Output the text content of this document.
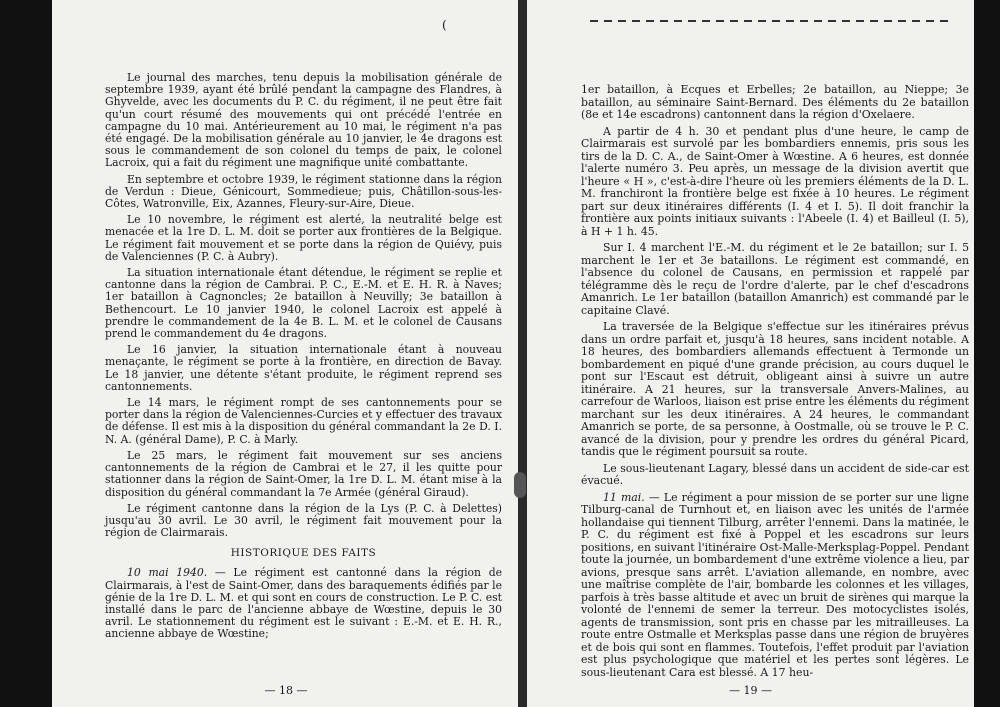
(

Le journal des marches, tenu depuis la mobilisation générale de septembre 1939, ayant été brûlé pendant la campagne des Flandres, à Ghyvelde, avec les documents du P. C. du régiment, il ne peut être fait qu'un court résumé des mouvements qui ont précédé l'entrée en campagne du 10 mai. Antérieurement au 10 mai, le régiment n'a pas été engagé. De la mobilisation générale au 10 janvier, le 4e dragons est sous le commandement de son colonel du temps de paix, le colonel Lacroix, qui a fait du régiment une magnifique unité combattante.

En septembre et octobre 1939, le régiment stationne dans la région de Verdun : Dieue, Génicourt, Sommedieue; puis, Châtillon-sous-les-Côtes, Watronville, Eix, Azannes, Fleury-sur-Aire, Dieue.

Le 10 novembre, le régiment est alerté, la neutralité belge est menacée et la 1re D. L. M. doit se porter aux frontières de la Belgique. Le régiment fait mouvement et se porte dans la région de Quiévy, puis de Valenciennes (P. C. à Aubry).

La situation internationale étant détendue, le régiment se replie et cantonne dans la région de Cambrai. P. C., E.-M. et E. H. R. à Naves; 1er bataillon à Cagnoncles; 2e bataillon à Neuvilly; 3e bataillon à Bethencourt. Le 10 janvier 1940, le colonel Lacroix est appelé à prendre le commandement de la 4e B. L. M. et le colonel de Causans prend le commandement du 4e dragons.

Le 16 janvier, la situation internationale étant à nouveau menaçante, le régiment se porte à la frontière, en direction de Bavay. Le 18 janvier, une détente s'étant produite, le régiment reprend ses cantonnements.

Le 14 mars, le régiment rompt de ses cantonnements pour se porter dans la région de Valenciennes-Curcies et y effectuer des travaux de défense. Il est mis à la disposition du général commandant la 2e D. I. N. A. (général Dame), P. C. à Marly.

Le 25 mars, le régiment fait mouvement sur ses anciens cantonnements de la région de Cambrai et le 27, il les quitte pour stationner dans la région de Saint-Omer, la 1re D. L. M. étant mise à la disposition du général commandant la 7e Armée (général Giraud).

Le régiment cantonne dans la région de la Lys (P. C. à Delettes) jusqu'au 30 avril. Le 30 avril, le régiment fait mouvement pour la région de Clairmarais.

HISTORIQUE DES FAITS

10 mai 1940. — Le régiment est cantonné dans la région de Clairmarais, à l'est de Saint-Omer, dans des baraquements édifiés par le génie de la 1re D. L. M. et qui sont en cours de construction. Le P. C. est installé dans le parc de l'ancienne abbaye de Wœstine, depuis le 30 avril. Le stationnement du régiment est le suivant : E.-M. et E. H. R., ancienne abbaye de Wœstine;

— 18 —

1er bataillon, à Ecques et Erbelles; 2e bataillon, au Nieppe; 3e bataillon, au séminaire Saint-Bernard. Des éléments du 2e bataillon (8e et 14e escadrons) cantonnent dans la région d'Oxelaere.

A partir de 4 h. 30 et pendant plus d'une heure, le camp de Clairmarais est survolé par les bombardiers ennemis, pris sous les tirs de la D. C. A., de Saint-Omer à Wœstine. A 6 heures, est donnée l'alerte numéro 3. Peu après, un message de la division avertit que l'heure « H », c'est-à-dire l'heure où les premiers éléments de la D. L. M. franchiront la frontière belge est fixée à 10 heures. Le régiment part sur deux itinéraires différents (I. 4 et I. 5). Il doit franchir la frontière aux points initiaux suivants : l'Abeele (I. 4) et Bailleul (I. 5), à H + 1 h. 45.

Sur I. 4 marchent l'E.-M. du régiment et le 2e bataillon; sur I. 5 marchent le 1er et 3e bataillons. Le régiment est commandé, en l'absence du colonel de Causans, en permission et rappelé par télégramme dès le reçu de l'ordre d'alerte, par le chef d'escadrons Amanrich. Le 1er bataillon (bataillon Amanrich) est commandé par le capitaine Clavé.

La traversée de la Belgique s'effectue sur les itinéraires prévus dans un ordre parfait et, jusqu'à 18 heures, sans incident notable. A 18 heures, des bombardiers allemands effectuent à Termonde un bombardement en piqué d'une grande précision, au cours duquel le pont sur l'Escaut est détruit, obligeant ainsi à suivre un autre itinéraire. A 21 heures, sur la transversale Anvers-Malines, au carrefour de Warloos, liaison est prise entre les éléments du régiment marchant sur les deux itinéraires. A 24 heures, le commandant Amanrich se porte, de sa personne, à Oostmalle, où se trouve le P. C. avancé de la division, pour y prendre les ordres du général Picard, tandis que le régiment poursuit sa route.

Le sous-lieutenant Lagary, blessé dans un accident de side-car est évacué.

11 mai. — Le régiment a pour mission de se porter sur une ligne Tilburg-canal de Turnhout et, en liaison avec les unités de l'armée hollandaise qui tiennent Tilburg, arrêter l'ennemi. Dans la matinée, le P. C. du régiment est fixé à Poppel et les escadrons sur leurs positions, en suivant l'itinéraire Ost-Malle-Merksplag-Poppel. Pendant toute la journée, un bombardement d'une extrême violence a lieu, par avions, presque sans arrêt. L'aviation allemande, en nombre, avec une maîtrise complète de l'air, bombarde les colonnes et les villages, parfois à très basse altitude et avec un bruit de sirènes qui marque la volonté de l'ennemi de semer la terreur. Des motocyclistes isolés, agents de transmission, sont pris en chasse par les mitrailleuses. La route entre Ostmalle et Merksplas passe dans une région de bruyères et de bois qui sont en flammes. Toutefois, l'effet produit par l'aviation est plus psychologique que matériel et les pertes sont légères. Le sous-lieutenant Cara est blessé. A 17 heu-

— 19 —
